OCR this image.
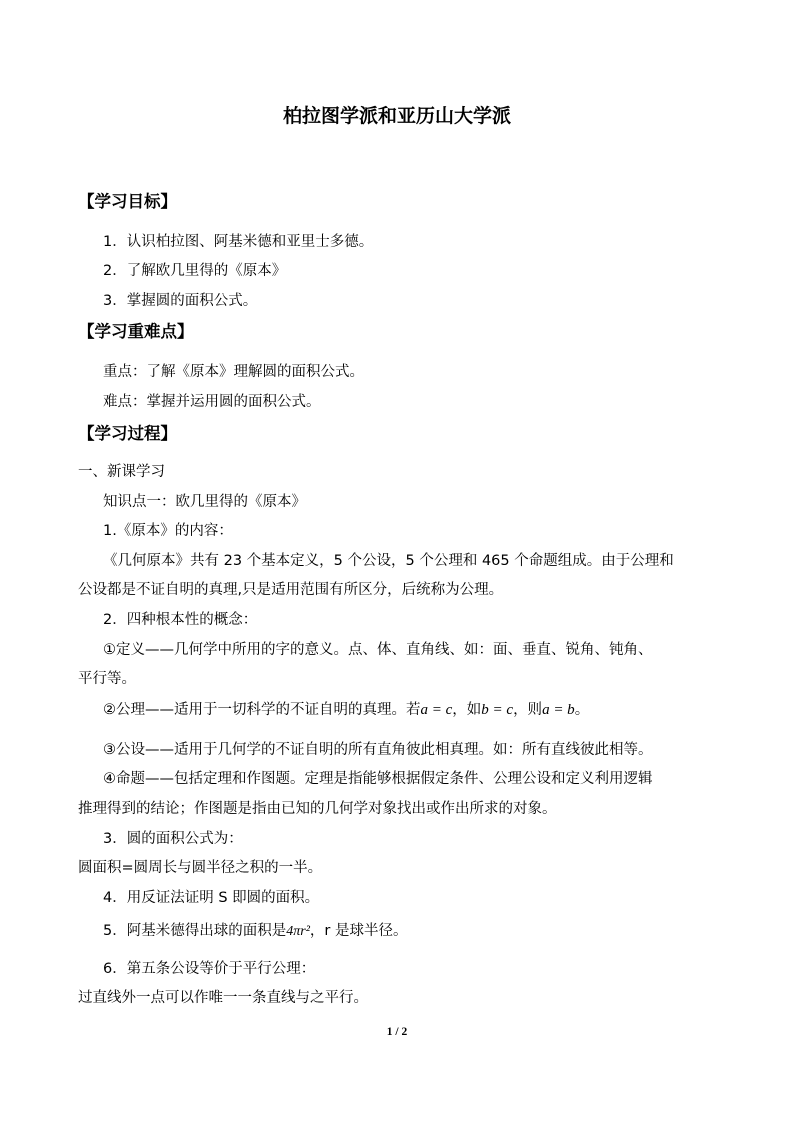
柏拉图学派和亚历山大学派
【学习目标】
1．认识柏拉图、阿基米德和亚里士多德。
2．了解欧几里得的《原本》
3．掌握圆的面积公式。
【学习重难点】
重点：了解《原本》理解圆的面积公式。
难点：掌握并运用圆的面积公式。
【学习过程】
一、新课学习
知识点一：欧几里得的《原本》
1.《原本》的内容：
《几何原本》共有 23 个基本定义，5 个公设，5 个公理和 465 个命题组成。由于公理和
公设都是不证自明的真理,只是适用范围有所区分，后统称为公理。
2．四种根本性的概念：
①定义——几何学中所用的字的意义。点、体、直角线、如：面、垂直、锐角、钝角、
平行等。
②公理——适用于一切科学的不证自明的真理。若a = c，如b = c，则a = b。
③公设——适用于几何学的不证自明的所有直角彼此相真理。如：所有直线彼此相等。
④命题——包括定理和作图题。定理是指能够根据假定条件、公理公设和定义利用逻辑
推理得到的结论；作图题是指由已知的几何学对象找出或作出所求的对象。
3．圆的面积公式为：
圆面积=圆周长与圆半径之积的一半。
4．用反证法证明 S 即圆的面积。
5．阿基米德得出球的面积是4πr²，r 是球半径。
6．第五条公设等价于平行公理：
过直线外一点可以作唯一一条直线与之平行。
1 / 2
